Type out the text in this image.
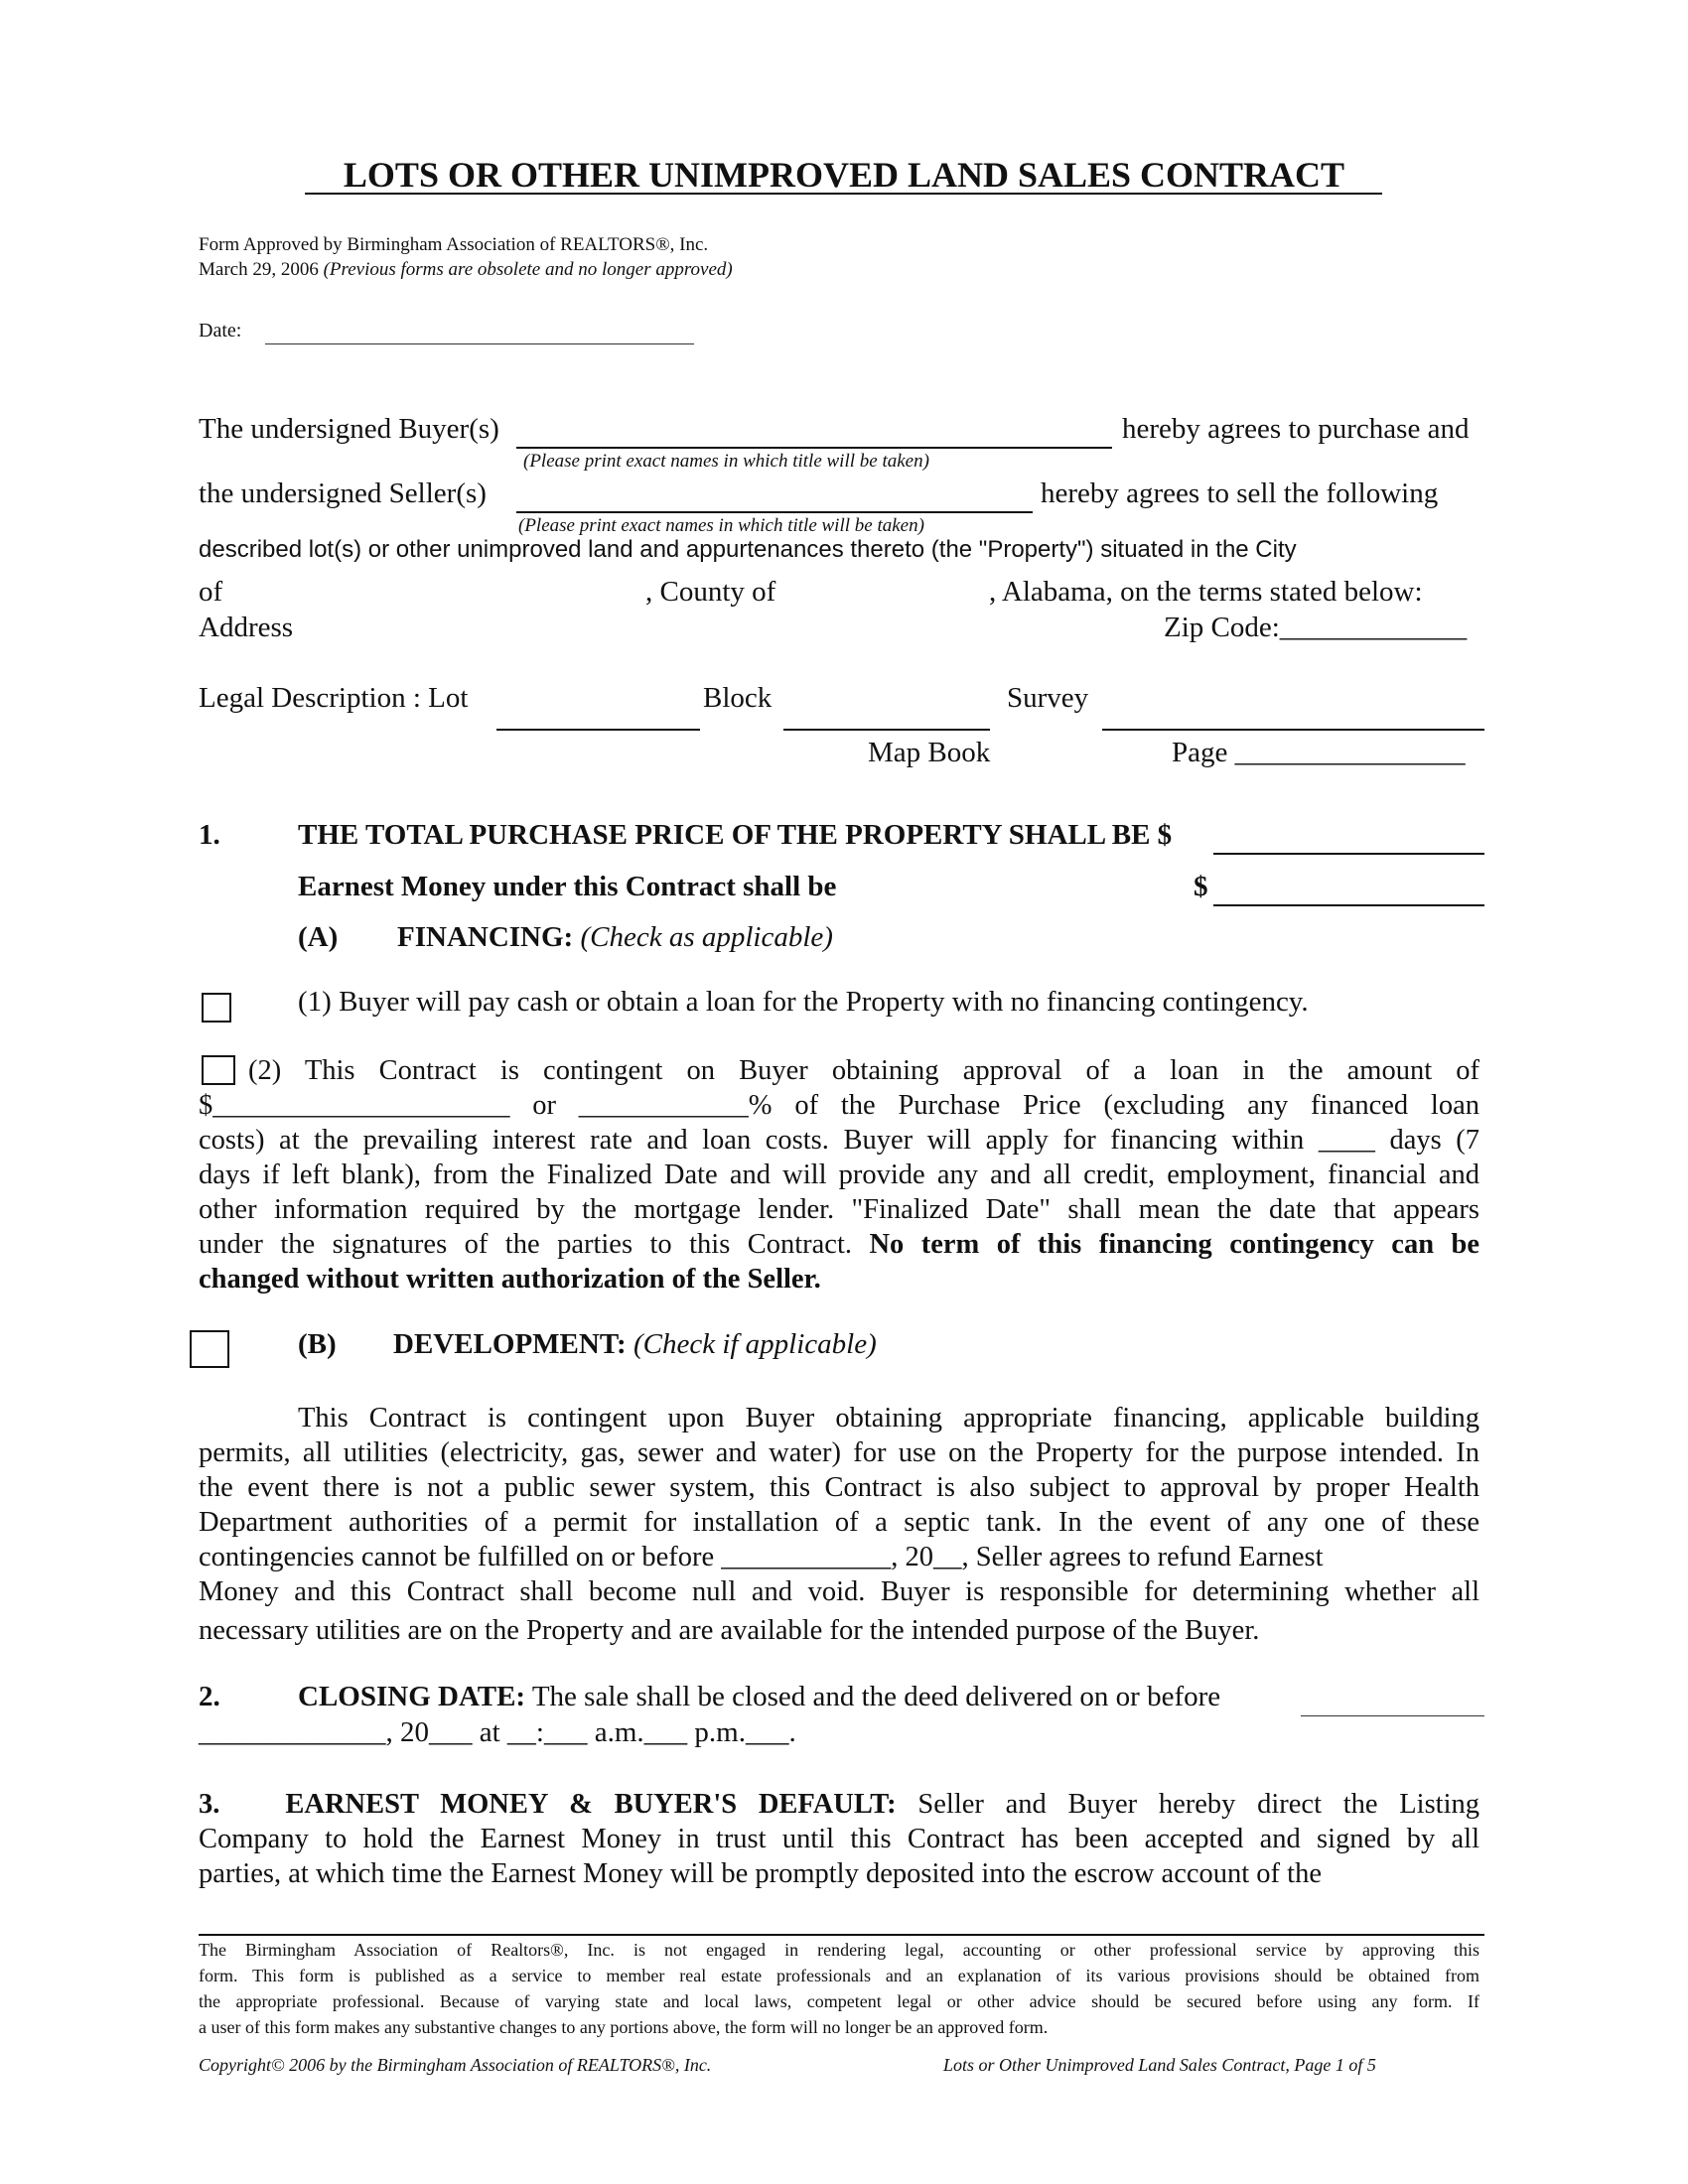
LOTS OR OTHER UNIMPROVED LAND SALES CONTRACT
Form Approved by Birmingham Association of REALTORS®, Inc.
March 29, 2006 (Previous forms are obsolete and no longer approved)
Date:
The undersigned Buyer(s)	hereby agrees to purchase and
(Please print exact names in which title will be taken)
the undersigned Seller(s)	hereby agrees to sell the following
(Please print exact names in which title will be taken)
described lot(s) or other unimproved land and appurtenances thereto (the "Property") situated in the City
of	, County of	, Alabama, on the terms stated below:
Address	Zip Code:_____________
Legal Description : Lot	Block	Survey
Map Book	Page ________________
1.	THE TOTAL PURCHASE PRICE OF THE PROPERTY SHALL BE $
Earnest Money under this Contract shall be	$
(A) FINANCING: (Check as applicable)
(1) Buyer will pay cash or obtain a loan for the Property with no financing contingency.
(2) This Contract is contingent on Buyer obtaining approval of a loan in the amount of
$_____________________ or ____________% of the Purchase Price (excluding any financed loan
costs) at the prevailing interest rate and loan costs. Buyer will apply for financing within ____ days (7
days if left blank), from the Finalized Date and will provide any and all credit, employment, financial and
other information required by the mortgage lender. "Finalized Date" shall mean the date that appears
under the signatures of the parties to this Contract. No term of this financing contingency can be
changed without written authorization of the Seller.
(B) DEVELOPMENT: (Check if applicable)
This Contract is contingent upon Buyer obtaining appropriate financing, applicable building
permits, all utilities (electricity, gas, sewer and water) for use on the Property for the purpose intended. In
the event there is not a public sewer system, this Contract is also subject to approval by proper Health
Department authorities of a permit for installation of a septic tank. In the event of any one of these
contingencies cannot be fulfilled on or before ____________, 20__, Seller agrees to refund Earnest
Money and this Contract shall become null and void. Buyer is responsible for determining whether all
necessary utilities are on the Property and are available for the intended purpose of the Buyer.
2.	CLOSING DATE: The sale shall be closed and the deed delivered on or before
_____________, 20___ at __:___ a.m.___ p.m.___.
3. EARNEST MONEY & BUYER'S DEFAULT: Seller and Buyer hereby direct the Listing
Company to hold the Earnest Money in trust until this Contract has been accepted and signed by all
parties, at which time the Earnest Money will be promptly deposited into the escrow account of the
The Birmingham Association of Realtors®, Inc. is not engaged in rendering legal, accounting or other professional service by approving this
form. This form is published as a service to member real estate professionals and an explanation of its various provisions should be obtained from
the appropriate professional. Because of varying state and local laws, competent legal or other advice should be secured before using any form. If
a user of this form makes any substantive changes to any portions above, the form will no longer be an approved form.
Copyright© 2006 by the Birmingham Association of REALTORS®, Inc.	Lots or Other Unimproved Land Sales Contract, Page 1 of 5
